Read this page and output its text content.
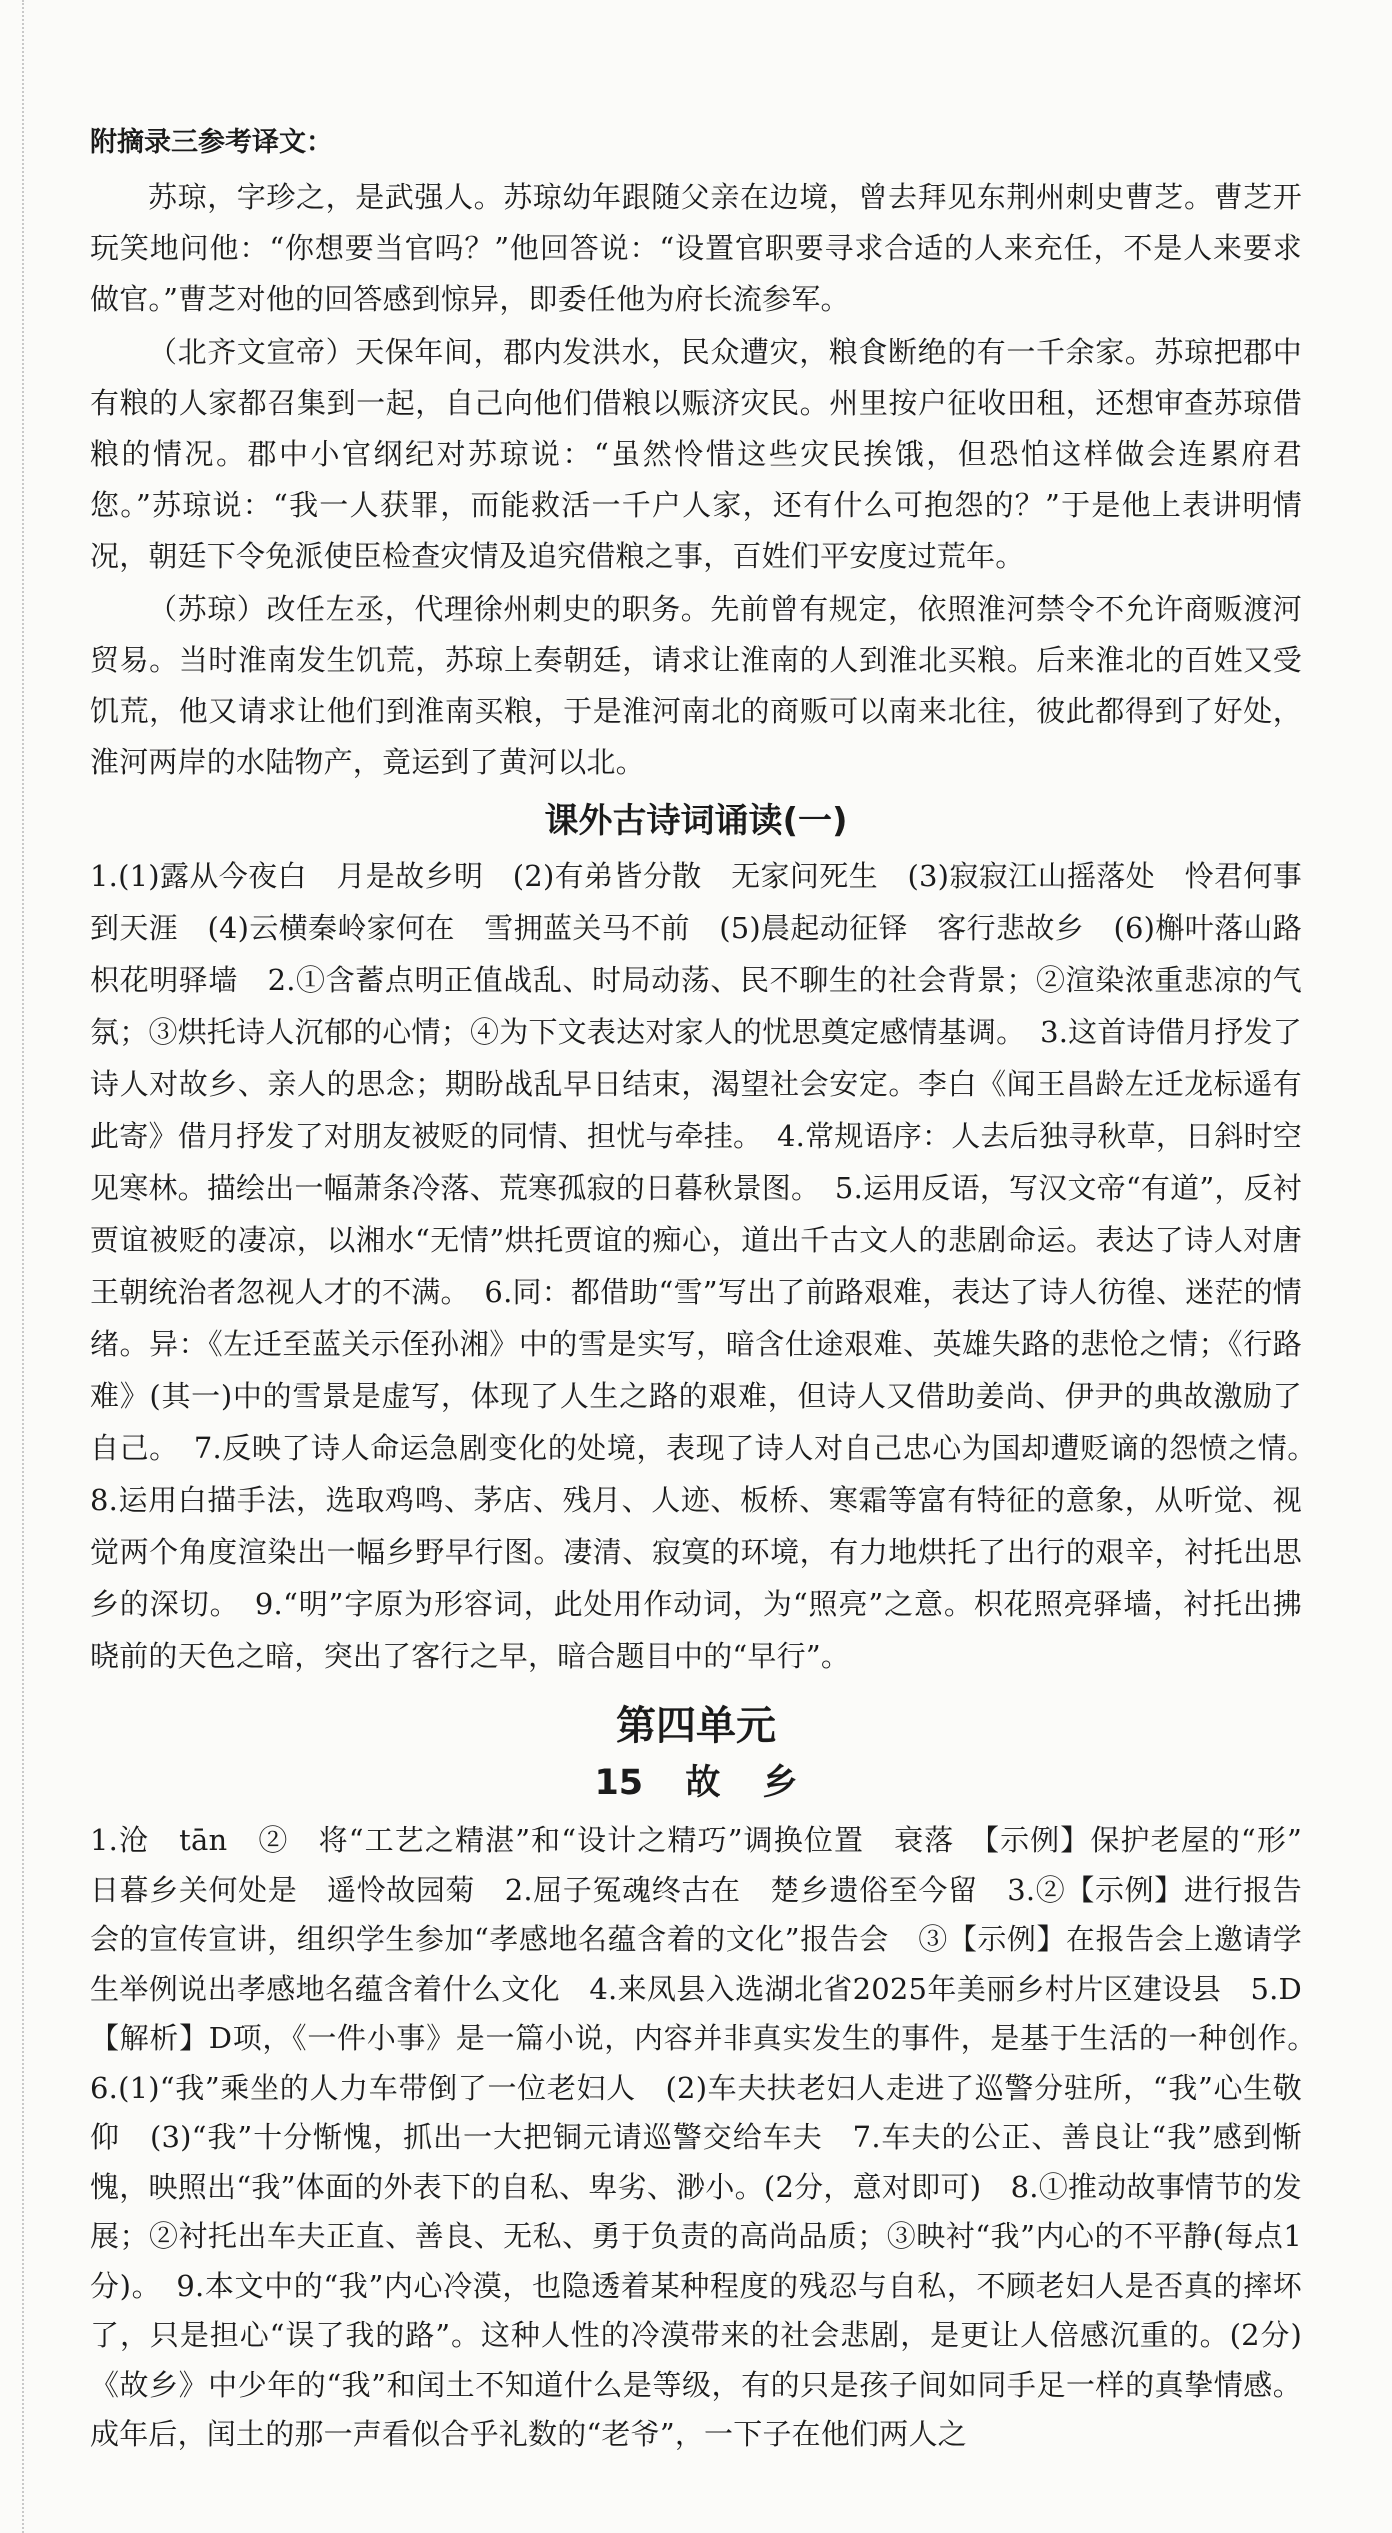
附摘录三参考译文：

苏琼，字珍之，是武强人。苏琼幼年跟随父亲在边境，曾去拜见东荆州刺史曹芝。曹芝开玩笑地问他：“你想要当官吗？”他回答说：“设置官职要寻求合适的人来充任，不是人来要求做官。”曹芝对他的回答感到惊异，即委任他为府长流参军。

（北齐文宣帝）天保年间，郡内发洪水，民众遭灾，粮食断绝的有一千余家。苏琼把郡中有粮的人家都召集到一起，自己向他们借粮以赈济灾民。州里按户征收田租，还想审查苏琼借粮的情况。郡中小官纲纪对苏琼说：“虽然怜惜这些灾民挨饿，但恐怕这样做会连累府君您。”苏琼说：“我一人获罪，而能救活一千户人家，还有什么可抱怨的？”于是他上表讲明情况，朝廷下令免派使臣检查灾情及追究借粮之事，百姓们平安度过荒年。

（苏琼）改任左丞，代理徐州刺史的职务。先前曾有规定，依照淮河禁令不允许商贩渡河贸易。当时淮南发生饥荒，苏琼上奏朝廷，请求让淮南的人到淮北买粮。后来淮北的百姓又受饥荒，他又请求让他们到淮南买粮，于是淮河南北的商贩可以南来北往，彼此都得到了好处，淮河两岸的水陆物产，竟运到了黄河以北。

课外古诗词诵读(一)

1.(1)露从今夜白　月是故乡明　(2)有弟皆分散　无家问死生　(3)寂寂江山摇落处　怜君何事到天涯　(4)云横秦岭家何在　雪拥蓝关马不前　(5)晨起动征铎　客行悲故乡　(6)槲叶落山路　枳花明驿墙　2.①含蓄点明正值战乱、时局动荡、民不聊生的社会背景；②渲染浓重悲凉的气氛；③烘托诗人沉郁的心情；④为下文表达对家人的忧思奠定感情基调。　3.这首诗借月抒发了诗人对故乡、亲人的思念；期盼战乱早日结束，渴望社会安定。李白《闻王昌龄左迁龙标遥有此寄》借月抒发了对朋友被贬的同情、担忧与牵挂。　4.常规语序：人去后独寻秋草，日斜时空见寒林。描绘出一幅萧条冷落、荒寒孤寂的日暮秋景图。　5.运用反语，写汉文帝“有道”，反衬贾谊被贬的凄凉，以湘水“无情”烘托贾谊的痴心，道出千古文人的悲剧命运。表达了诗人对唐王朝统治者忽视人才的不满。　6.同：都借助“雪”写出了前路艰难，表达了诗人彷徨、迷茫的情绪。异：《左迁至蓝关示侄孙湘》中的雪是实写，暗含仕途艰难、英雄失路的悲怆之情；《行路难》(其一)中的雪景是虚写，体现了人生之路的艰难，但诗人又借助姜尚、伊尹的典故激励了自己。　7.反映了诗人命运急剧变化的处境，表现了诗人对自己忠心为国却遭贬谪的怨愤之情。　8.运用白描手法，选取鸡鸣、茅店、残月、人迹、板桥、寒霜等富有特征的意象，从听觉、视觉两个角度渲染出一幅乡野早行图。凄清、寂寞的环境，有力地烘托了出行的艰辛，衬托出思乡的深切。　9.“明”字原为形容词，此处用作动词，为“照亮”之意。枳花照亮驿墙，衬托出拂晓前的天色之暗，突出了客行之早，暗合题目中的“早行”。

第四单元
15 故 乡

1.沧　tān　②　将“工艺之精湛”和“设计之精巧”调换位置　衰落　【示例】保护老屋的“形”　日暮乡关何处是　遥怜故园菊　2.屈子冤魂终古在　楚乡遗俗至今留　3.②【示例】进行报告会的宣传宣讲，组织学生参加“孝感地名蕴含着的文化”报告会　③【示例】在报告会上邀请学生举例说出孝感地名蕴含着什么文化　4.来凤县入选湖北省2025年美丽乡村片区建设县　5.D　【解析】D项，《一件小事》是一篇小说，内容并非真实发生的事件，是基于生活的一种创作。　6.(1)“我”乘坐的人力车带倒了一位老妇人　(2)车夫扶老妇人走进了巡警分驻所，“我”心生敬仰　(3)“我”十分惭愧，抓出一大把铜元请巡警交给车夫　7.车夫的公正、善良让“我”感到惭愧，映照出“我”体面的外表下的自私、卑劣、渺小。(2分，意对即可)　8.①推动故事情节的发展；②衬托出车夫正直、善良、无私、勇于负责的高尚品质；③映衬“我”内心的不平静(每点1分)。　9.本文中的“我”内心冷漠，也隐透着某种程度的残忍与自私，不顾老妇人是否真的摔坏了，只是担心“误了我的路”。这种人性的冷漠带来的社会悲剧，是更让人倍感沉重的。(2分)《故乡》中少年的“我”和闰土不知道什么是等级，有的只是孩子间如同手足一样的真挚情感。成年后，闰土的那一声看似合乎礼数的“老爷”，一下子在他们两人之
